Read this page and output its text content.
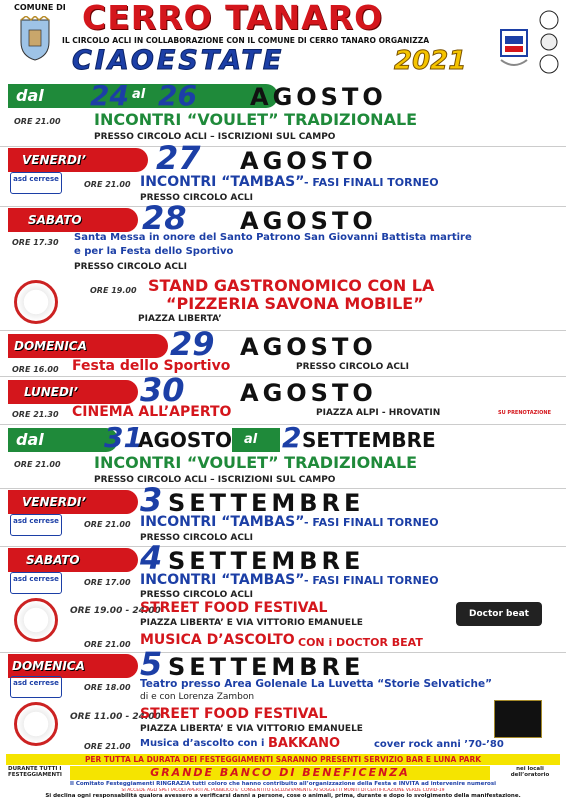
COMUNE DI CERRO TANARO
IL CIRCOLO ACLI IN COLLABORAZIONE CON IL COMUNE DI CERRO TANARO ORGANIZZA
CIAOESTATE	2021
dal 24 al 26 AGOSTO
ORE 21.00 INCONTRI “VOULET” TRADIZIONALE
PRESSO CIRCOLO ACLI – ISCRIZIONI SUL CAMPO
VENERDI’ 27 AGOSTO
asd cerrese
ORE 21.00 INCONTRI “TAMBAS” - FASI FINALI TORNEO
PRESSO CIRCOLO ACLI
SABATO 28 AGOSTO
ORE 17.30 Santa Messa in onore del Santo Patrono San Giovanni Battista martire
e per la Festa dello Sportivo
PRESSO CIRCOLO ACLI
ORE 19.00 STAND GASTRONOMICO CON LA
“PIZZERIA SAVONA MOBILE”
PIAZZA LIBERTA’
DOMENICA	29 AGOSTO
ORE 16.00 Festa dello Sportivo	PRESSO CIRCOLO ACLI
LUNEDI’ 30 AGOSTO
ORE 21.30 CINEMA ALL’APERTO	PIAZZA ALPI - HROVATIN	SU PRENOTAZIONE
dal 31
AGOSTO al 2 SETTEMBRE
ORE 21.00 INCONTRI “VOULET” TRADIZIONALE
PRESSO CIRCOLO ACLI – ISCRIZIONI SUL CAMPO
VENERDI’ 3 SETTEMBRE
asd cerrese	ORE 21.00 INCONTRI “TAMBAS” - FASI FINALI TORNEO
PRESSO CIRCOLO ACLI
SABATO 4 SETTEMBRE
asd cerrese	ORE 17.00 INCONTRI “TAMBAS” - FASI FINALI TORNEO
PRESSO CIRCOLO ACLI
ORE 19.00 - 24.00
STREET FOOD FESTIVAL
PIAZZA LIBERTA’ E VIA VITTORIO EMANUELE
Doctor beat
ORE 21.00 MUSICA D’ASCOLTO CON i DOCTOR BEAT
DOMENICA 5 SETTEMBRE
asd cerrese	ORE 18.00 Teatro presso Area Golenale La Luvetta “Storie Selvatiche”
di e con Lorenza Zambon
ORE 11.00 - 24.00
STREET FOOD FESTIVAL
PIAZZA LIBERTA’ E VIA VITTORIO EMANUELE
ORE 21.00 Musica d’ascolto con i BAKKANO	cover rock anni ’70-’80
PER TUTTA LA DURATA DEI FESTEGGIAMENTI SARANNO PRESENTI SERVIZIO BAR E LUNA PARK
DURANTE TUTTI I FESTEGGIAMENTI	GRANDE BANCO DI BENEFICENZA	nei locali dell’oratorio
Il Comitato Festeggiamenti RINGRAZIA tutti coloro che hanno contribuito all’organizzazione della Festa e INVITA ad intervenire numerosi
SI ACCEDE AGLI SPETTACOLI APERTI AL PUBBLICO E’ CONSENTITO ESCLUSIVAMENTE AI SOGGETTI MUNITI DI CERTIFICAZIONE VERDE COVID-19
Si declina ogni responsabilità qualora avessero a verificarsi danni a persone, cose o animali, prima, durante e dopo lo svolgimento della manifestazione.
